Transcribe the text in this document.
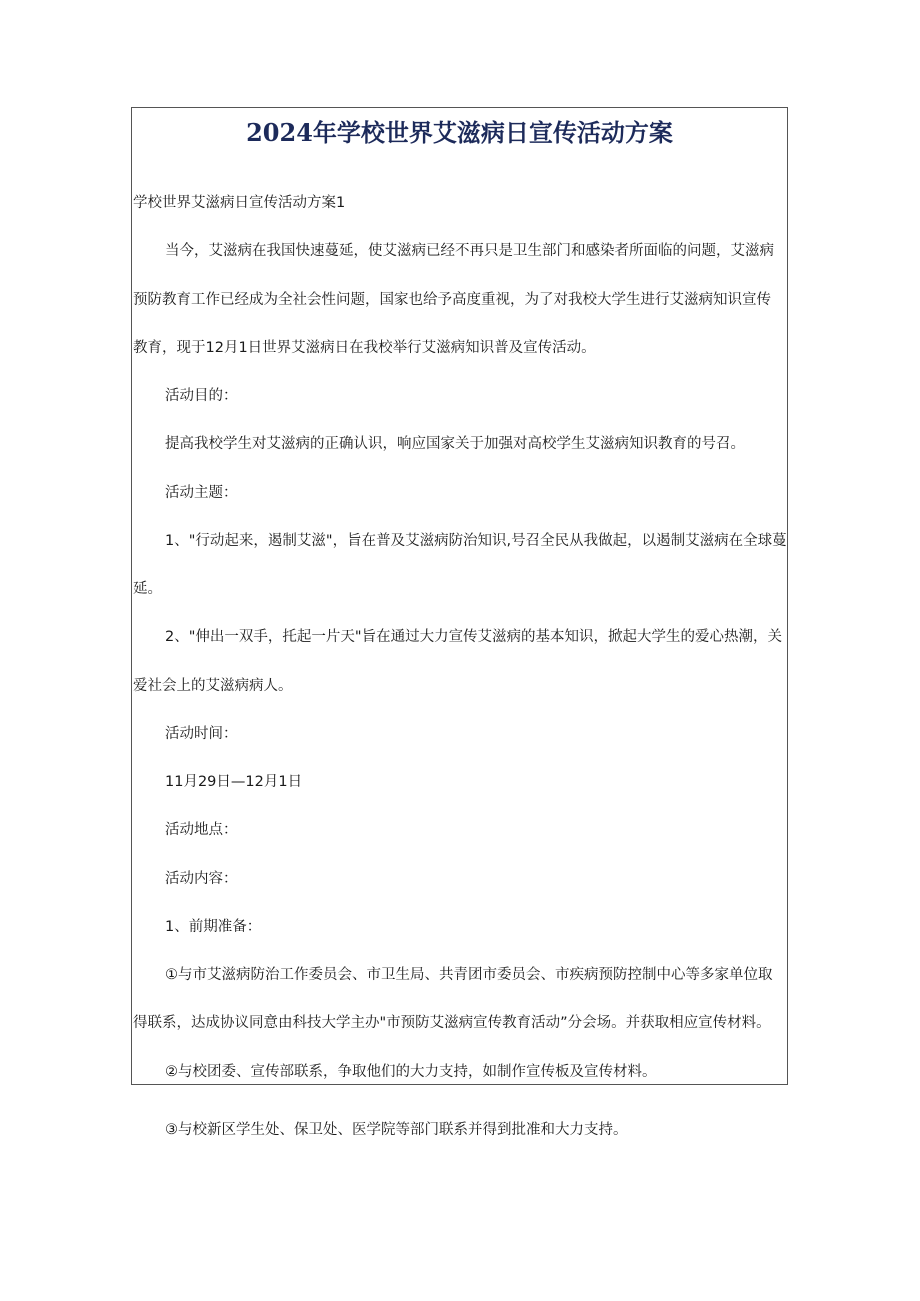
2024年学校世界艾滋病日宣传活动方案

学校世界艾滋病日宣传活动方案1

当今，艾滋病在我国快速蔓延，使艾滋病已经不再只是卫生部门和感染者所面临的问题，艾滋病

预防教育工作已经成为全社会性问题，国家也给予高度重视，为了对我校大学生进行艾滋病知识宣传

教育，现于12月1日世界艾滋病日在我校举行艾滋病知识普及宣传活动。

活动目的：

提高我校学生对艾滋病的正确认识，响应国家关于加强对高校学生艾滋病知识教育的号召。

活动主题：

1、"行动起来，遏制艾滋"，旨在普及艾滋病防治知识,号召全民从我做起，以遏制艾滋病在全球蔓

延。

2、"伸出一双手，托起一片天"旨在通过大力宣传艾滋病的基本知识，掀起大学生的爱心热潮，关

爱社会上的艾滋病病人。

活动时间：

11月29日—12月1日

活动地点：

活动内容：

1、前期准备：

①与市艾滋病防治工作委员会、市卫生局、共青团市委员会、市疾病预防控制中心等多家单位取

得联系，达成协议同意由科技大学主办"市预防艾滋病宣传教育活动”分会场。并获取相应宣传材料。

②与校团委、宣传部联系，争取他们的大力支持，如制作宣传板及宣传材料。

③与校新区学生处、保卫处、医学院等部门联系并得到批准和大力支持。
